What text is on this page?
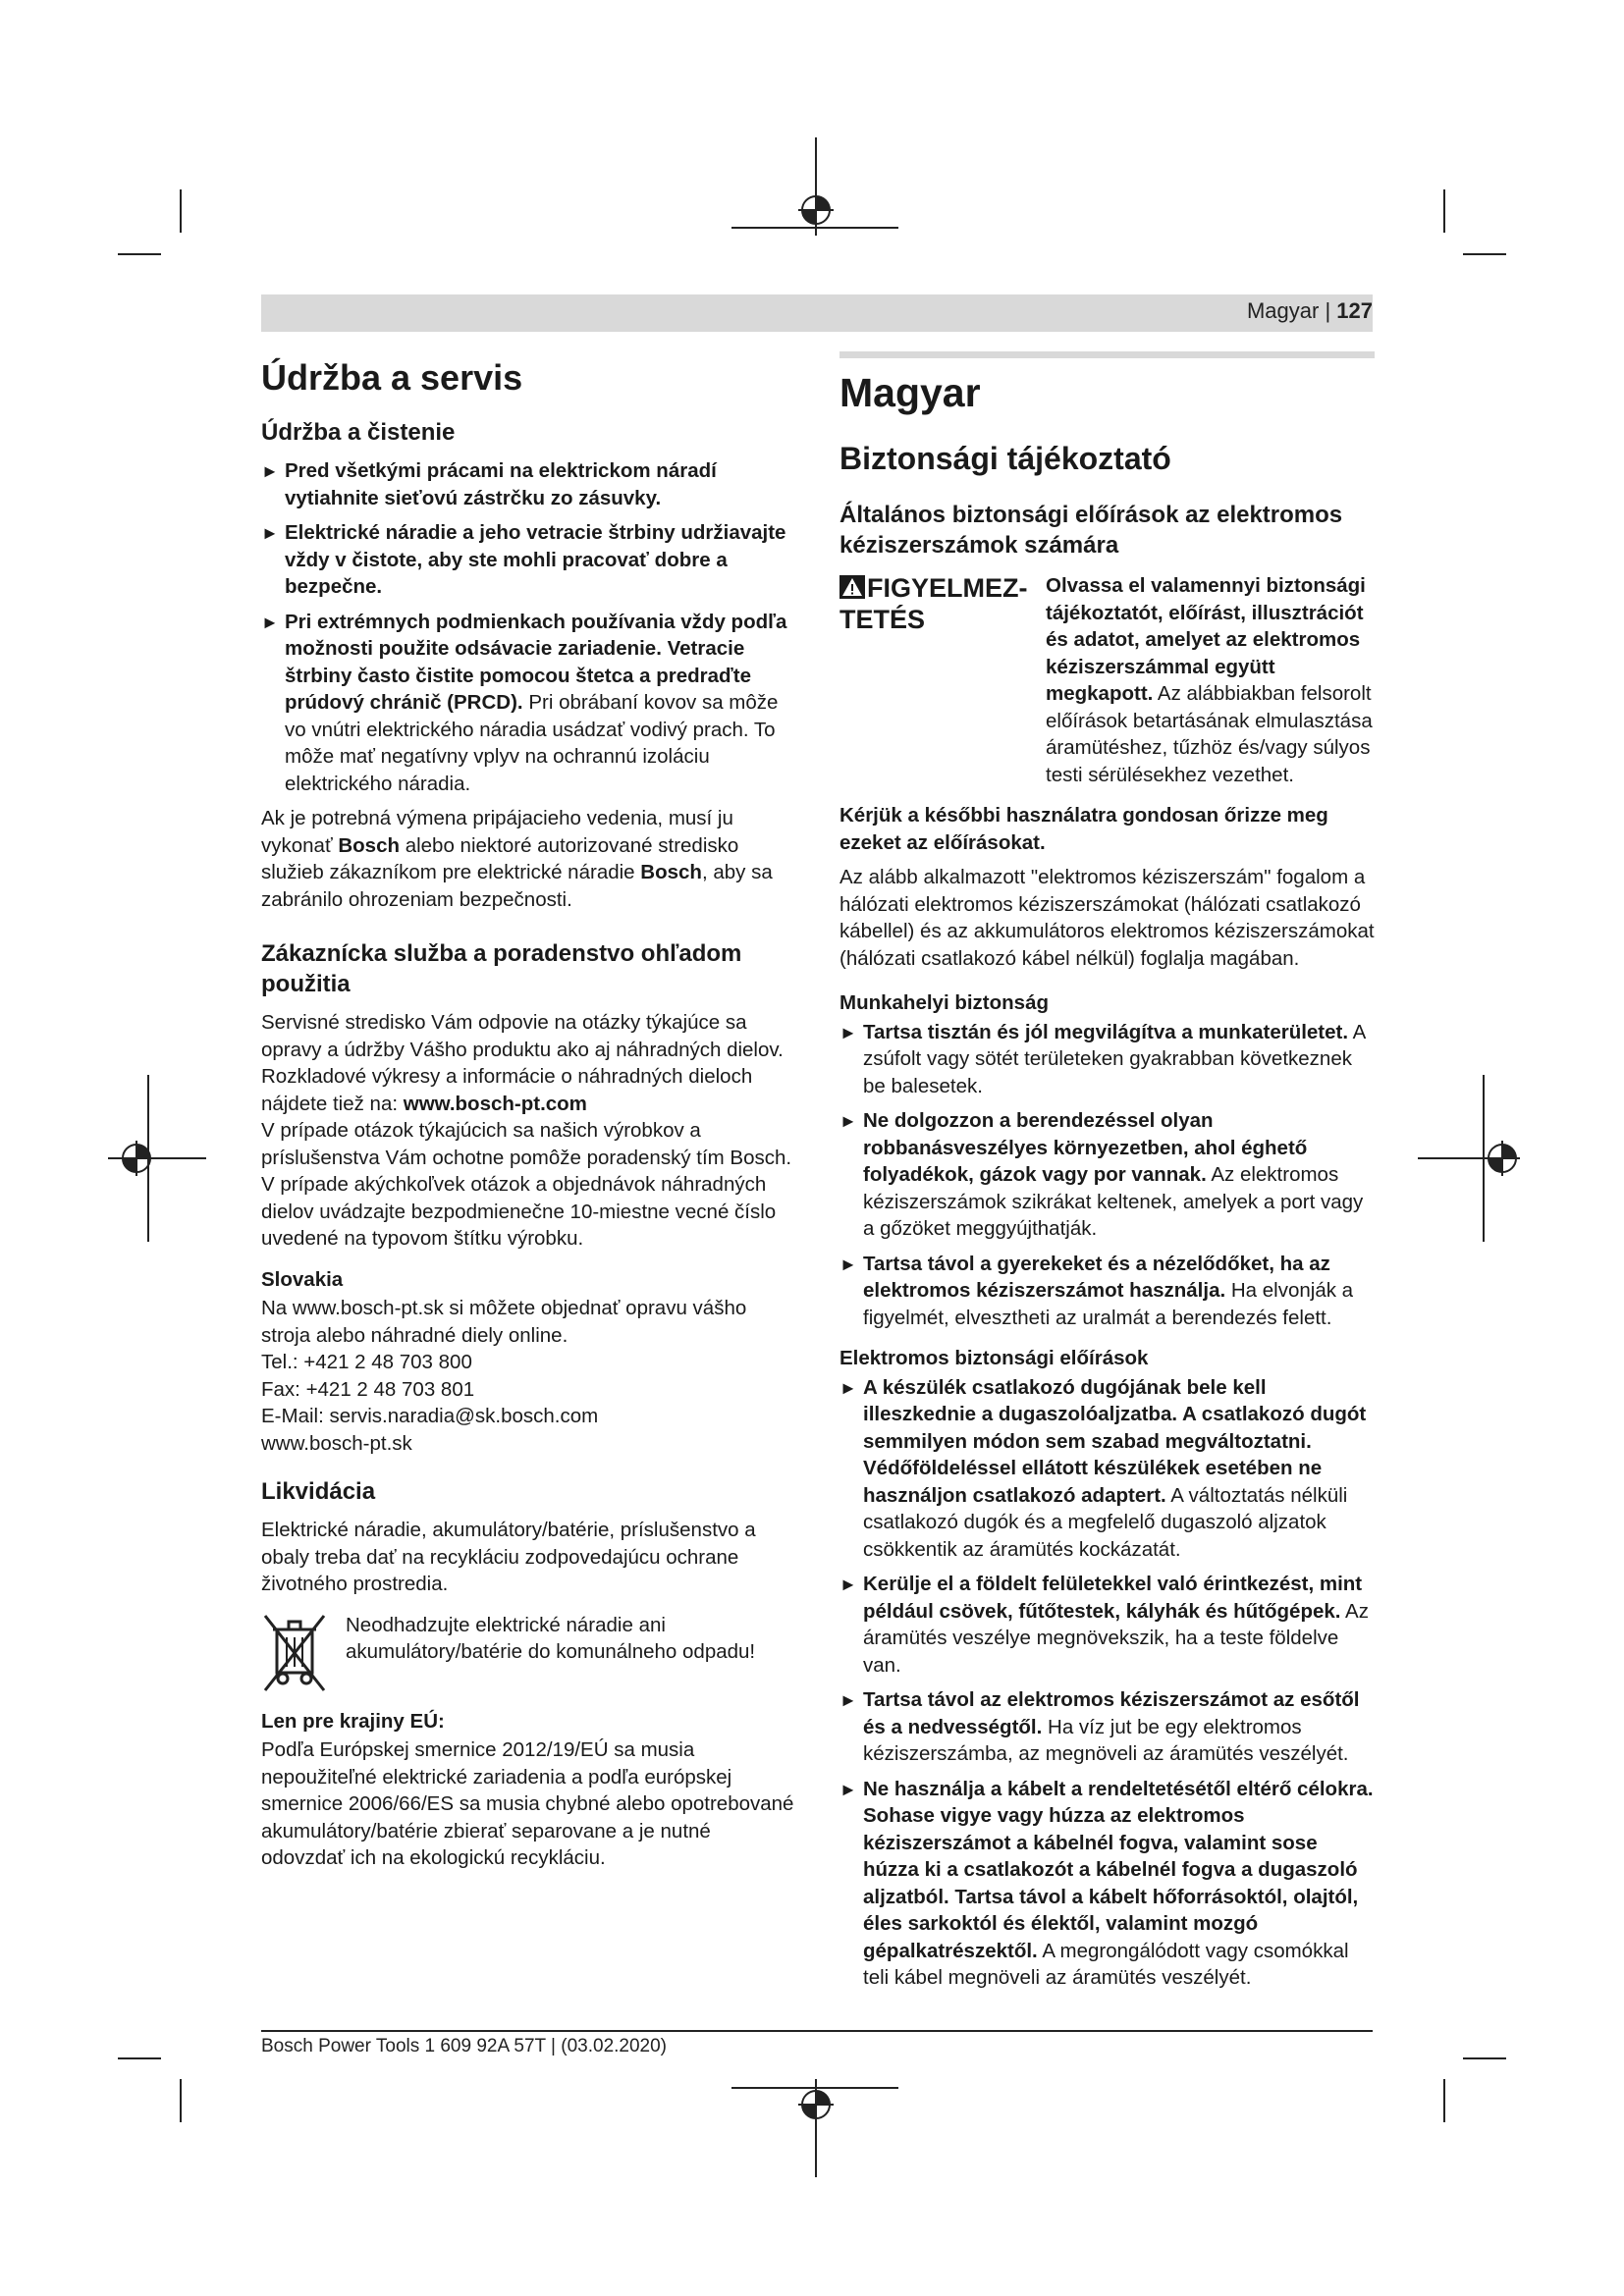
Magyar | 127
Údržba a servis
Údržba a čistenie
► Pred všetkými prácami na elektrickom náradí vytiahnite sieťovú zástrčku zo zásuvky.
► Elektrické náradie a jeho vetracie štrbiny udržiavajte vždy v čistote, aby ste mohli pracovať dobre a bezpečne.
► Pri extrémnych podmienkach používania vždy podľa možnosti použite odsávacie zariadenie. Vetracie štrbiny často čistite pomocou štetca a predraďte prúdový chránič (PRCD). Pri obrábaní kovov sa môže vo vnútri elektrického náradia usádzať vodivý prach. To môže mať negatívny vplyv na ochrannú izoláciu elektrického náradia.

Ak je potrebná výmena pripájacieho vedenia, musí ju vykonať Bosch alebo niektoré autorizované stredisko služieb zákazníkom pre elektrické náradie Bosch, aby sa zabránilo ohrozeniam bezpečnosti.

Zákaznícka služba a poradenstvo ohľadom použitia

Servisné stredisko Vám odpovie na otázky týkajúce sa opravy a údržby Vášho produktu ako aj náhradných dielov. Rozkladové výkresy a informácie o náhradných dieloch nájdete tiež na: www.bosch-pt.com

V prípade otázok týkajúcich sa našich výrobkov a príslušenstva Vám ochotne pomôže poradenský tím Bosch.

V prípade akýchkoľvek otázok a objednávok náhradných dielov uvádzajte bezpodmienečne 10-miestne vecné číslo uvedené na typovom štítku výrobku.

Slovakia

Na www.bosch-pt.sk si môžete objednať opravu vášho stroja alebo náhradné diely online.

Tel.: +421 2 48 703 800

Fax: +421 2 48 703 801

E-Mail: servis.naradia@sk.bosch.com

www.bosch-pt.sk

Likvidácia

Elektrické náradie, akumulátory/batérie, príslušenstvo a obaly treba dať na recykláciu zodpovedajúcu ochrane životného prostredia.

Neodhadzujte elektrické náradie ani akumulátory/batérie do komunálneho odpadu!
Len pre krajiny EÚ:

Podľa Európskej smernice 2012/19/EÚ sa musia nepoužiteľné elektrické zariadenia a podľa európskej smernice 2006/66/ES sa musia chybné alebo opotrebované akumulátory/batérie zbierať separovane a je nutné odovzdať ich na ekologickú recykláciu.

Magyar
Biztonsági tájékoztató
Általános biztonsági előírások az elektromos kéziszerszámok számára
FIGYELMEZ-
TETÉS
Olvassa el valamennyi biztonsági tájékoztatót, előírást, illusztrációt és adatot, amelyet az elektromos kéziszerszámmal együtt megkapott. Az alábbiakban felsorolt előírások betartásának elmulasztása áramütéshez, tűzhöz és/vagy súlyos testi sérülésekhez vezethet.
Kérjük a későbbi használatra gondosan őrizze meg ezeket az előírásokat.

Az alább alkalmazott "elektromos kéziszerszám" fogalom a hálózati elektromos kéziszerszámokat (hálózati csatlakozó kábellel) és az akkumulátoros elektromos kéziszerszámokat (hálózati csatlakozó kábel nélkül) foglalja magában.

Munkahelyi biztonság
► Tartsa tisztán és jól megvilágítva a munkaterületet. A zsúfolt vagy sötét területeken gyakrabban következnek be balesetek.
► Ne dolgozzon a berendezéssel olyan robbanásveszélyes környezetben, ahol éghető folyadékok, gázok vagy por vannak. Az elektromos kéziszerszámok szikrákat keltenek, amelyek a port vagy a gőzöket meggyújthatják.
► Tartsa távol a gyerekeket és a nézelődőket, ha az elektromos kéziszerszámot használja. Ha elvonják a figyelmét, elvesztheti az uralmát a berendezés felett.
Elektromos biztonsági előírások
► A készülék csatlakozó dugójának bele kell illeszkednie a dugaszolóaljzatba. A csatlakozó dugót semmilyen módon sem szabad megváltoztatni. Védőföldeléssel ellátott készülékek esetében ne használjon csatlakozó adaptert. A változtatás nélküli csatlakozó dugók és a megfelelő dugaszoló aljzatok csökkentik az áramütés kockázatát.
► Kerülje el a földelt felületekkel való érintkezést, mint például csövek, fűtőtestek, kályhák és hűtőgépek. Az áramütés veszélye megnövekszik, ha a teste földelve van.
► Tartsa távol az elektromos kéziszerszámot az esőtől és a nedvességtől. Ha víz jut be egy elektromos kéziszerszámba, az megnöveli az áramütés veszélyét.
► Ne használja a kábelt a rendeltetésétől eltérő célokra. Sohase vigye vagy húzza az elektromos kéziszerszámot a kábelnél fogva, valamint sose húzza ki a csatlakozót a kábelnél fogva a dugaszoló aljzatból. Tartsa távol a kábelt hőforrásoktól, olajtól, éles sarkoktól és élektől, valamint mozgó gépalkatrészektől. A megrongálódott vagy csomókkal teli kábel megnöveli az áramütés veszélyét.
Bosch Power Tools 1 609 92A 57T | (03.02.2020)
